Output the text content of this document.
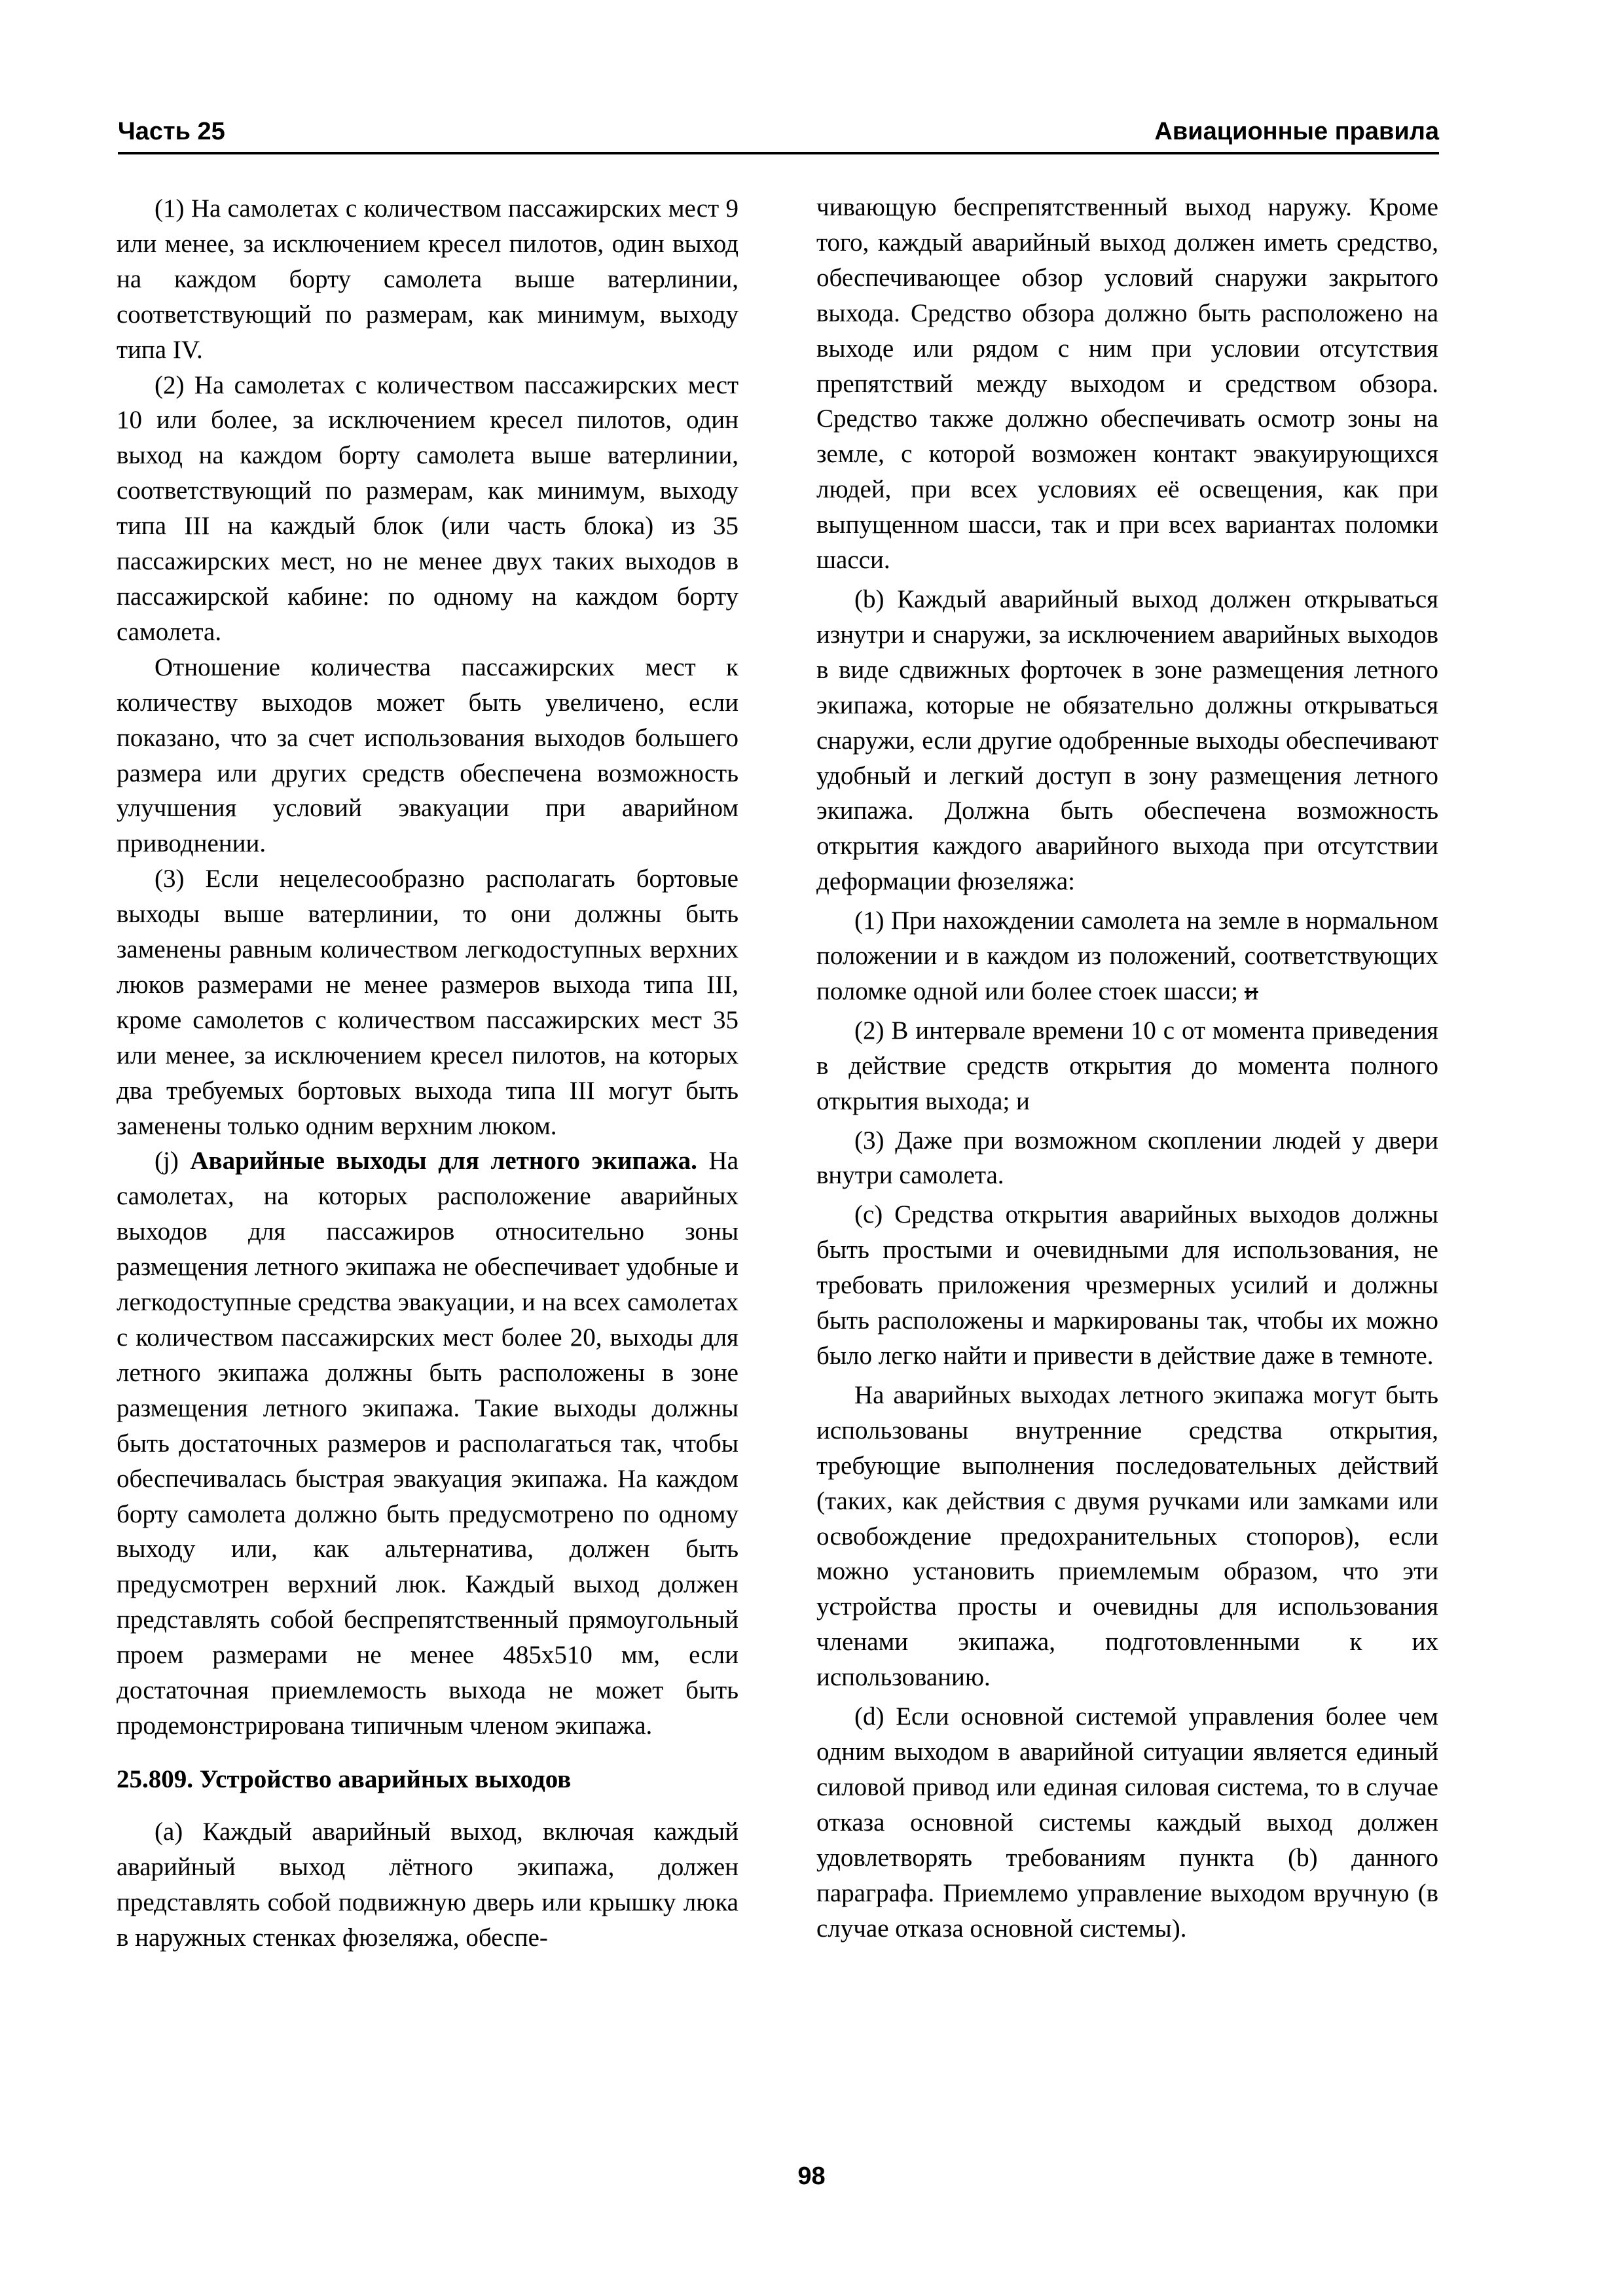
Часть 25	Авиационные правила

(1) На самолетах с количеством пассажирских мест 9 или менее, за исключением кресел пилотов, один выход на каждом борту самолета выше ватерлинии, соответствующий по размерам, как минимум, выходу типа IV.

(2) На самолетах с количеством пассажирских мест 10 или более, за исключением кресел пилотов, один выход на каждом борту самолета выше ватерлинии, соответствующий по размерам, как минимум, выходу типа III на каждый блок (или часть блока) из 35 пассажирских мест, но не менее двух таких выходов в пассажирской кабине: по одному на каждом борту самолета.

Отношение количества пассажирских мест к количеству выходов может быть увеличено, если показано, что за счет использования выходов большего размера или других средств обеспечена возможность улучшения условий эвакуации при аварийном приводнении.

(3) Если нецелесообразно располагать бортовые выходы выше ватерлинии, то они должны быть заменены равным количеством легкодоступных верхних люков размерами не менее размеров выхода типа III, кроме самолетов с количеством пассажирских мест 35 или менее, за исключением кресел пилотов, на которых два требуемых бортовых выхода типа III могут быть заменены только одним верхним люком.

(j) Аварийные выходы для летного экипажа. На самолетах, на которых расположение аварийных выходов для пассажиров относительно зоны размещения летного экипажа не обеспечивает удобные и легкодоступные средства эвакуации, и на всех самолетах с количеством пассажирских мест более 20, выходы для летного экипажа должны быть расположены в зоне размещения летного экипажа. Такие выходы должны быть достаточных размеров и располагаться так, чтобы обеспечивалась быстрая эвакуация экипажа. На каждом борту самолета должно быть предусмотрено по одному выходу или, как альтернатива, должен быть предусмотрен верхний люк. Каждый выход должен представлять собой беспрепятственный прямоугольный проем размерами не менее 485x510 мм, если достаточная приемлемость выхода не может быть продемонстрирована типичным членом экипажа.

25.809. Устройство аварийных выходов

(a) Каждый аварийный выход, включая каждый аварийный выход лётного экипажа, должен представлять собой подвижную дверь или крышку люка в наружных стенках фюзеляжа, обеспе-

чивающую беспрепятственный выход наружу. Кроме того, каждый аварийный выход должен иметь средство, обеспечивающее обзор условий снаружи закрытого выхода. Средство обзора должно быть расположено на выходе или рядом с ним при условии отсутствия препятствий между выходом и средством обзора. Средство также должно обеспечивать осмотр зоны на земле, с которой возможен контакт эвакуирующихся людей, при всех условиях её освещения, как при выпущенном шасси, так и при всех вариантах поломки шасси.

(b) Каждый аварийный выход должен открываться изнутри и снаружи, за исключением аварийных выходов в виде сдвижных форточек в зоне размещения летного экипажа, которые не обязательно должны открываться снаружи, если другие одобренные выходы обеспечивают удобный и легкий доступ в зону размещения летного экипажа. Должна быть обеспечена возможность открытия каждого аварийного выхода при отсутствии деформации фюзеляжа:

(1) При нахождении самолета на земле в нормальном положении и в каждом из положений, соответствующих поломке одной или более стоек шасси; и

(2) В интервале времени 10 с от момента приведения в действие средств открытия до момента полного открытия выхода; и

(3) Даже при возможном скоплении людей у двери внутри самолета.

(c) Средства открытия аварийных выходов должны быть простыми и очевидными для использования, не требовать приложения чрезмерных усилий и должны быть расположены и маркированы так, чтобы их можно было легко найти и привести в действие даже в темноте.

На аварийных выходах летного экипажа могут быть использованы внутренние средства открытия, требующие выполнения последовательных действий (таких, как действия с двумя ручками или замками или освобождение предохранительных стопоров), если можно установить приемлемым образом, что эти устройства просты и очевидны для использования членами экипажа, подготовленными к их использованию.

(d) Если основной системой управления более чем одним выходом в аварийной ситуации является единый силовой привод или единая силовая система, то в случае отказа основной системы каждый выход должен удовлетворять требованиям пункта (b) данного параграфа. Приемлемо управление выходом вручную (в случае отказа основной системы).

98
